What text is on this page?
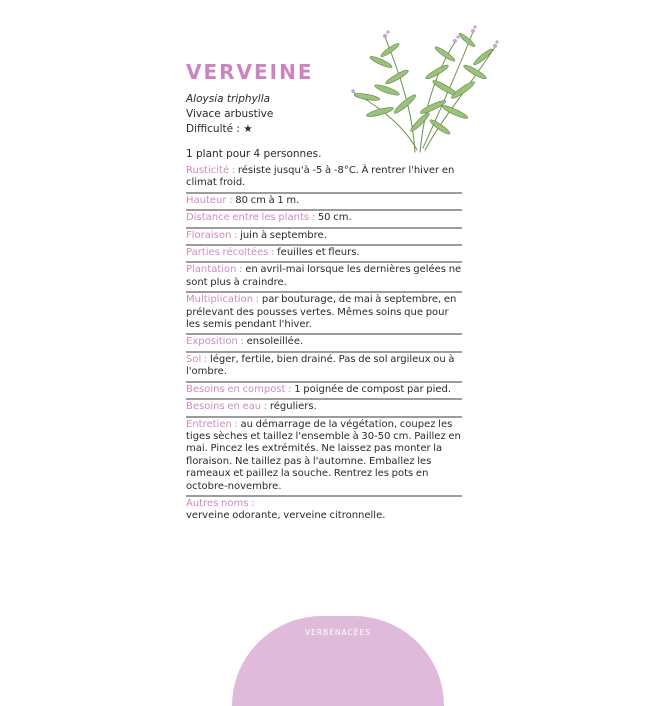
VERVEINE
Aloysia triphylla
Vivace arbustive
Difficulté : ★
1 plant pour 4 personnes.
Rusticité : résiste jusqu'à -5 à -8°C. À rentrer l'hiver en climat froid.
Hauteur : 80 cm à 1 m.
Distance entre les plants : 50 cm.
Floraison : juin à septembre.
Parties récoltées : feuilles et fleurs.
Plantation : en avril-mai lorsque les dernières gelées ne sont plus à craindre.
Multiplication : par bouturage, de mai à septembre, en prélevant des pousses vertes. Mêmes soins que pour les semis pendant l'hiver.
Exposition : ensoleillée.
Sol : léger, fertile, bien drainé. Pas de sol argileux ou à l'ombre.
Besoins en compost : 1 poignée de compost par pied.
Besoins en eau : réguliers.
Entretien : au démarrage de la végétation, coupez les tiges sèches et taillez l'ensemble à 30-50 cm. Paillez en mai. Pincez les extrémités. Ne laissez pas monter la floraison. Ne taillez pas à l'automne. Emballez les rameaux et paillez la souche. Rentrez les pots en octobre-novembre.
Autres noms :
verveine odorante, verveine citronnelle.
VERBÉNACÉES
